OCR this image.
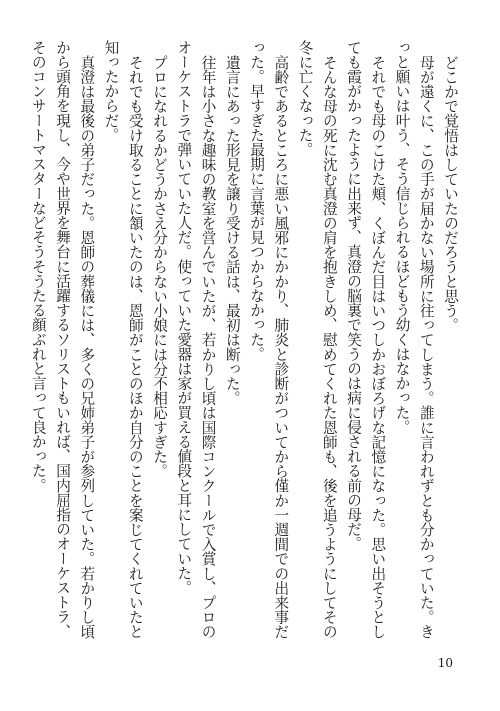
どこかで覚悟はしていたのだろうと思う。

母が遠くに、この手が届かない場所に往ってしまう。誰に言われずとも分かっていた。きっと願いは叶う、そう信じられるほどもう幼くはなかった。

それでも母のこけた頬、くぼんだ目はいつしかおぼろげな記憶になった。思い出そうとしても霞がかったように出来ず、真澄の脳裏で笑うのは病に侵される前の母だ。

そんな母の死に沈む真澄の肩を抱きしめ、慰めてくれた恩師も、後を追うようにしてその冬に亡くなった。

高齢であるところに悪い風邪にかかり、肺炎と診断がついてから僅か一週間での出来事だった。早すぎた最期に言葉が見つからなかった。

遺言にあった形見を譲り受ける話は、最初は断った。

往年は小さな趣味の教室を営んでいたが、若かりし頃は国際コンクールで入賞し、プロのオーケストラで弾いていた人だ。使っていた愛器は家が買える値段と耳にしていた。

プロになれるかどうかさえ分からない小娘には分不相応すぎた。

それでも受け取ることに頷いたのは、恩師がことのほか自分のことを案じてくれていたと知ったからだ。

真澄は最後の弟子だった。恩師の葬儀には、多くの兄姉弟子が参列していた。若かりし頃から頭角を現し、今や世界を舞台に活躍するソリストもいれば、国内屈指のオーケストラ、そのコンサートマスターなどそうそうたる顔ぶれと言って良かった。

10
